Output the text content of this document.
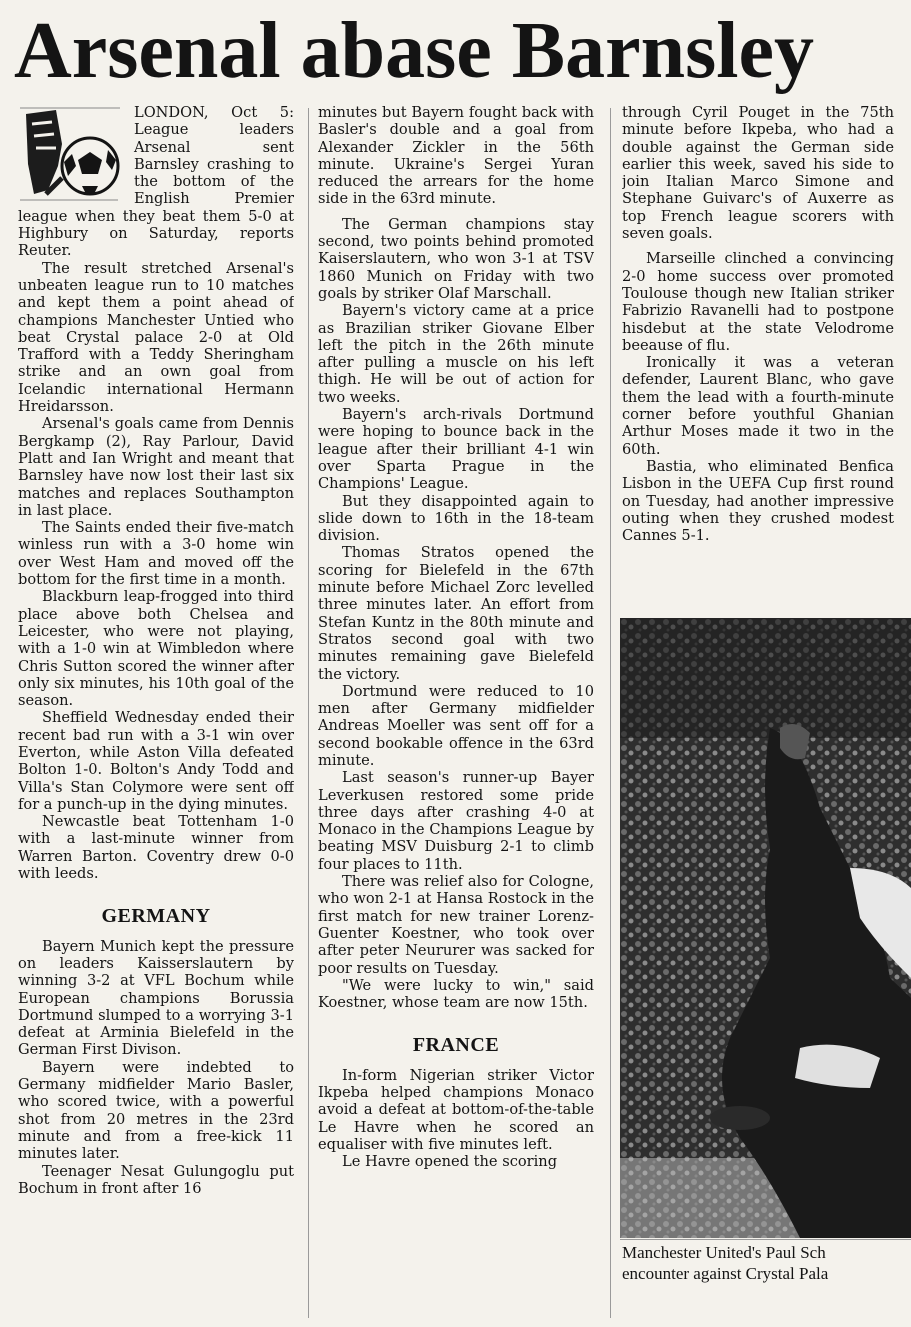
Arsenal abase Barnsley

LONDON, Oct 5: League leaders Arsenal sent Barnsley crashing to the bottom of the English Premier league when they beat them 5-0 at Highbury on Saturday, reports Reuter.

The result stretched Arsenal's unbeaten league run to 10 matches and kept them a point ahead of champions Manchester Untied who beat Crystal palace 2-0 at Old Trafford with a Teddy Sheringham strike and an own goal from Icelandic international Hermann Hreidarsson.

Arsenal's goals came from Dennis Bergkamp (2), Ray Parlour, David Platt and Ian Wright and meant that Barnsley have now lost their last six matches and replaces Southampton in last place.

The Saints ended their five-match winless run with a 3-0 home win over West Ham and moved off the bottom for the first time in a month.

Blackburn leap-frogged into third place above both Chelsea and Leicester, who were not playing, with a 1-0 win at Wimbledon where Chris Sutton scored the winner after only six minutes, his 10th goal of the season.

Sheffield Wednesday ended their recent bad run with a 3-1 win over Everton, while Aston Villa defeated Bolton 1-0. Bolton's Andy Todd and Villa's Stan Colymore were sent off for a punch-up in the dying minutes.

Newcastle beat Tottenham 1-0 with a last-minute winner from Warren Barton. Coventry drew 0-0 with leeds.

GERMANY

Bayern Munich kept the pressure on leaders Kaisserslautern by winning 3-2 at VFL Bochum while European champions Borussia Dortmund slumped to a worrying 3-1 defeat at Arminia Bielefeld in the German First Divison.

Bayern were indebted to Germany midfielder Mario Basler, who scored twice, with a powerful shot from 20 metres in the 23rd minute and from a free-kick 11 minutes later.

Teenager Nesat Gulungoglu put Bochum in front after 16

minutes but Bayern fought back with Basler's double and a goal from Alexander Zickler in the 56th minute. Ukraine's Sergei Yuran reduced the arrears for the home side in the 63rd minute.

The German champions stay second, two points behind promoted Kaiserslautern, who won 3-1 at TSV 1860 Munich on Friday with two goals by striker Olaf Marschall.

Bayern's victory came at a price as Brazilian striker Giovane Elber left the pitch in the 26th minute after pulling a muscle on his left thigh. He will be out of action for two weeks.

Bayern's arch-rivals Dortmund were hoping to bounce back in the league after their brilliant 4-1 win over Sparta Prague in the Champions' League.

But they disappointed again to slide down to 16th in the 18-team division.

Thomas Stratos opened the scoring for Bielefeld in the 67th minute before Michael Zorc levelled three minutes later. An effort from Stefan Kuntz in the 80th minute and Stratos second goal with two minutes remaining gave Bielefeld the victory.

Dortmund were reduced to 10 men after Germany midfielder Andreas Moeller was sent off for a second bookable offence in the 63rd minute.

Last season's runner-up Bayer Leverkusen restored some pride three days after crashing 4-0 at Monaco in the Champions League by beating MSV Duisburg 2-1 to climb four places to 11th.

There was relief also for Cologne, who won 2-1 at Hansa Rostock in the first match for new trainer Lorenz-Guenter Koestner, who took over after peter Neururer was sacked for poor results on Tuesday.

"We were lucky to win," said Koestner, whose team are now 15th.

FRANCE

In-form Nigerian striker Victor Ikpeba helped champions Monaco avoid a defeat at bottom-of-the-table Le Havre when he scored an equaliser with five minutes left.

Le Havre opened the scoring

through Cyril Pouget in the 75th minute before Ikpeba, who had a double against the German side earlier this week, saved his side to join Italian Marco Simone and Stephane Guivarc's of Auxerre as top French league scorers with seven goals.

Marseille clinched a convincing 2-0 home success over promoted Toulouse though new Italian striker Fabrizio Ravanelli had to postpone hisdebut at the state Velodrome beeause of flu.

Ironically it was a veteran defender, Laurent Blanc, who gave them the lead with a fourth-minute corner before youthful Ghanian Arthur Moses made it two in the 60th.

Bastia, who eliminated Benfica Lisbon in the UEFA Cup first round on Tuesday, had another impressive outing when they crushed modest Cannes 5-1.

Manchester United's Paul Sch
encounter against Crystal Pala
